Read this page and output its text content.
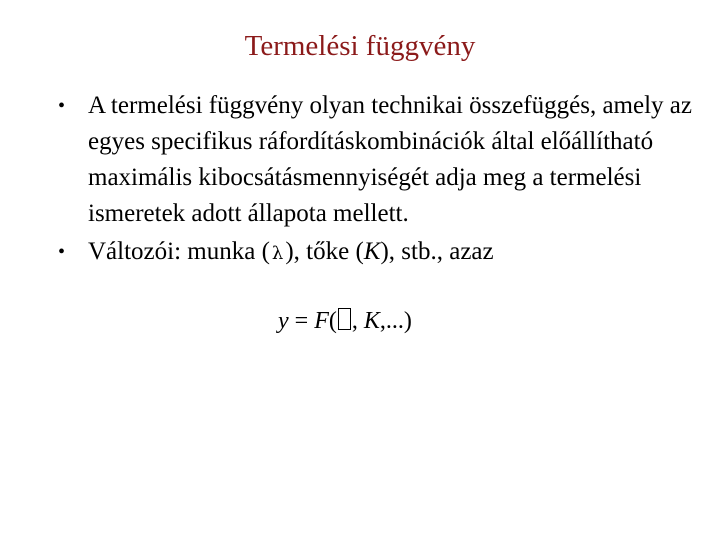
Termelési függvény
• A termelési függvény olyan technikai összefüggés, amely az egyes specifikus ráfordításkombinációk által előállítható maximális kibocsátásmennyiségét adja meg a termelési ismeretek adott állapota mellett.
• Változói: munka ( λ), tőke (K), stb., azaz
y = F( , K,...)
